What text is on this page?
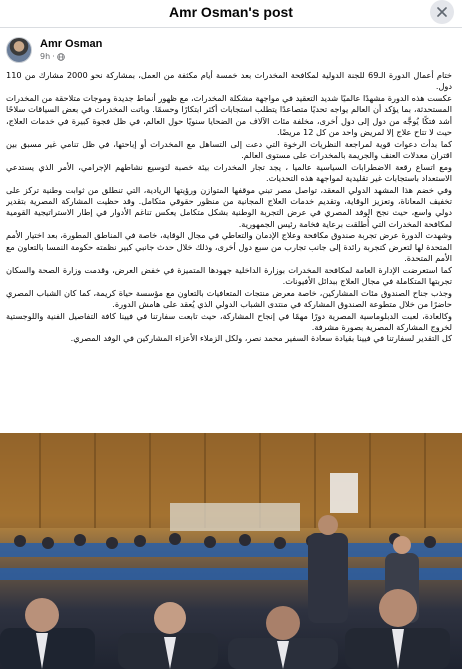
Amr Osman's post
Amr Osman
9h ·

ختام أعمال الدورة الـ69 للجنة الدولية لمكافحة المخدرات بعد خمسة أيام مكثفة من العمل، بمشاركة نحو 2000 مشارك من 110 دول.

عكست هذه الدورة مشهدًا عالميًا شديد التعقيد في مواجهة مشكلة المخدرات، مع ظهور أنماط جديدة وموجات متلاحقة من المخدرات المستحدثة، بما يؤكد أن العالم يواجه تحديًا متصاعدًا يتطلب استجابات أكثر ابتكارًا وحسمًا. وباتت المخدرات في بعض السياقات سلاحًا أشد فتكًا يُوجَّه من دول إلى دول أخرى، مخلفة مئات الآلاف من الضحايا سنويًا حول العالم، في ظل فجوة كبيرة في خدمات العلاج، حيث لا تتاح علاج إلا لمريض واحد من كل 12 مريضًا.

كما بدأت دعوات قوية لمراجعة النظريات الرخوة التي دعت إلى التساهل مع المخدرات أو إباحتها، في ظل تنامي غير مسبق بين اقتران معدلات العنف والجريمة بالمخدرات على مستوى العالم.

ومع اتساع رقعة الاضطرابات السياسية عالميا ، يجد تجار المخدرات بيئة خصبة لتوسيع نشاطهم الإجرامي، الأمر الذي يستدعي الاستعداد باستجابات غير تقليدية لمواجهة هذه التحديات.

وفي خضم هذا المشهد الدولي المعقد، تواصل مصر تبني موقفها المتوازن ورؤيتها الريادية، التي تنطلق من ثوابت وطنية تركز على تخفيف المعاناة، وتعزيز الوقاية، وتقديم خدمات العلاج المجانية من منظور حقوقي متكامل. وقد حظيت المشاركة المصرية بتقدير دولي واسع، حيث نجح الوفد المصري في عرض التجربة الوطنية بشكل متكامل يعكس تناغم الأدوار في إطار الاستراتيجية القومية لمكافحة المخدرات التي أُطلقت برعاية فخامة رئيس الجمهورية.

وشهدت الدورة عرض تجربة صندوق مكافحة وعلاج الإدمان والتعاطي في مجال الوقاية، خاصة في المناطق المطورة، بعد اختيار الأمم المتحدة لها لتعرض كتجربة رائدة إلى جانب تجارب من سبع دول أخرى، وذلك خلال حدث جانبي كبير نظمته حكومة النمسا بالتعاون مع الأمم المتحدة.

كما استعرضت الإدارة العامة لمكافحة المخدرات بوزارة الداخلية جهودها المتميزة في خفض العرض، وقدمت وزارة الصحة والسكان تجربتها المتكاملة في مجال العلاج ببدائل الأفيونات.

وجذب جناح الصندوق مئات المشاركين، خاصة معرض منتجات المتعافيات بالتعاون مع مؤسسة حياة كريمة، كما كان الشباب المصري حاضرًا من خلال متطوعة الصندوق المشاركة في منتدى الشباب الدولي الذي يُعقد على هامش الدورة.

وكالعادة، لعبت الدبلوماسية المصرية دورًا مهمًا في إنجاح المشاركة، حيث تابعت سفارتنا في فيينا كافة التفاصيل الفنية واللوجستية لخروج المشاركة المصرية بصورة مشرفة.

كل التقدير لسفارتنا في فيينا بقيادة سعادة السفير محمد نصر، ولكل الزملاء الأعزاء المشاركين في الوفد المصري.
